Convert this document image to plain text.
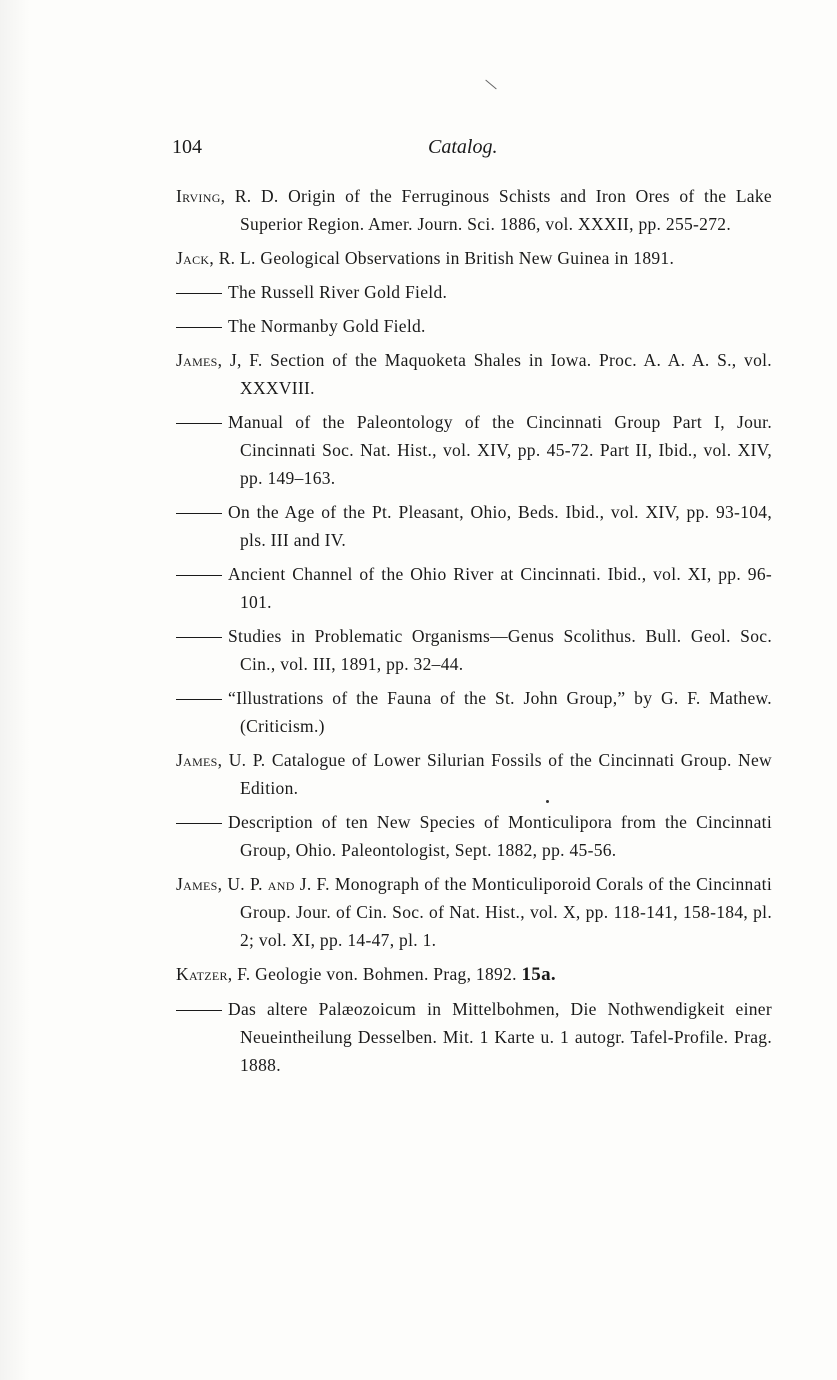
104	Catalog.

Irving, R. D. Origin of the Ferruginous Schists and Iron Ores of the Lake Superior Region. Amer. Journ. Sci. 1886, vol. XXXII, pp. 255-272.

Jack, R. L. Geological Observations in British New Guinea in 1891.

The Russell River Gold Field.

The Normanby Gold Field.

James, J, F. Section of the Maquoketa Shales in Iowa. Proc. A. A. A. S., vol. XXXVIII.

Manual of the Paleontology of the Cincinnati Group Part I, Jour. Cincinnati Soc. Nat. Hist., vol. XIV, pp. 45-72. Part II, Ibid., vol. XIV, pp. 149–163.

On the Age of the Pt. Pleasant, Ohio, Beds. Ibid., vol. XIV, pp. 93-104, pls. III and IV.

Ancient Channel of the Ohio River at Cincinnati. Ibid., vol. XI, pp. 96-101.

Studies in Problematic Organisms—Genus Scolithus. Bull. Geol. Soc. Cin., vol. III, 1891, pp. 32–44.

“Illustrations of the Fauna of the St. John Group,” by G. F. Mathew. (Criticism.)

James, U. P. Catalogue of Lower Silurian Fossils of the Cincinnati Group. New Edition.

Description of ten New Species of Monticulipora from the Cincinnati Group, Ohio. Paleontologist, Sept. 1882, pp. 45-56.

James, U. P. and J. F. Monograph of the Monticuliporoid Corals of the Cincinnati Group. Jour. of Cin. Soc. of Nat. Hist., vol. X, pp. 118-141, 158-184, pl. 2; vol. XI, pp. 14-47, pl. 1.

Katzer, F. Geologie von. Bohmen. Prag, 1892. 15a.

Das altere Palæozoicum in Mittelbohmen, Die Nothwendigkeit einer Neueintheilung Desselben. Mit. 1 Karte u. 1 autogr. Tafel-Profile. Prag. 1888.
